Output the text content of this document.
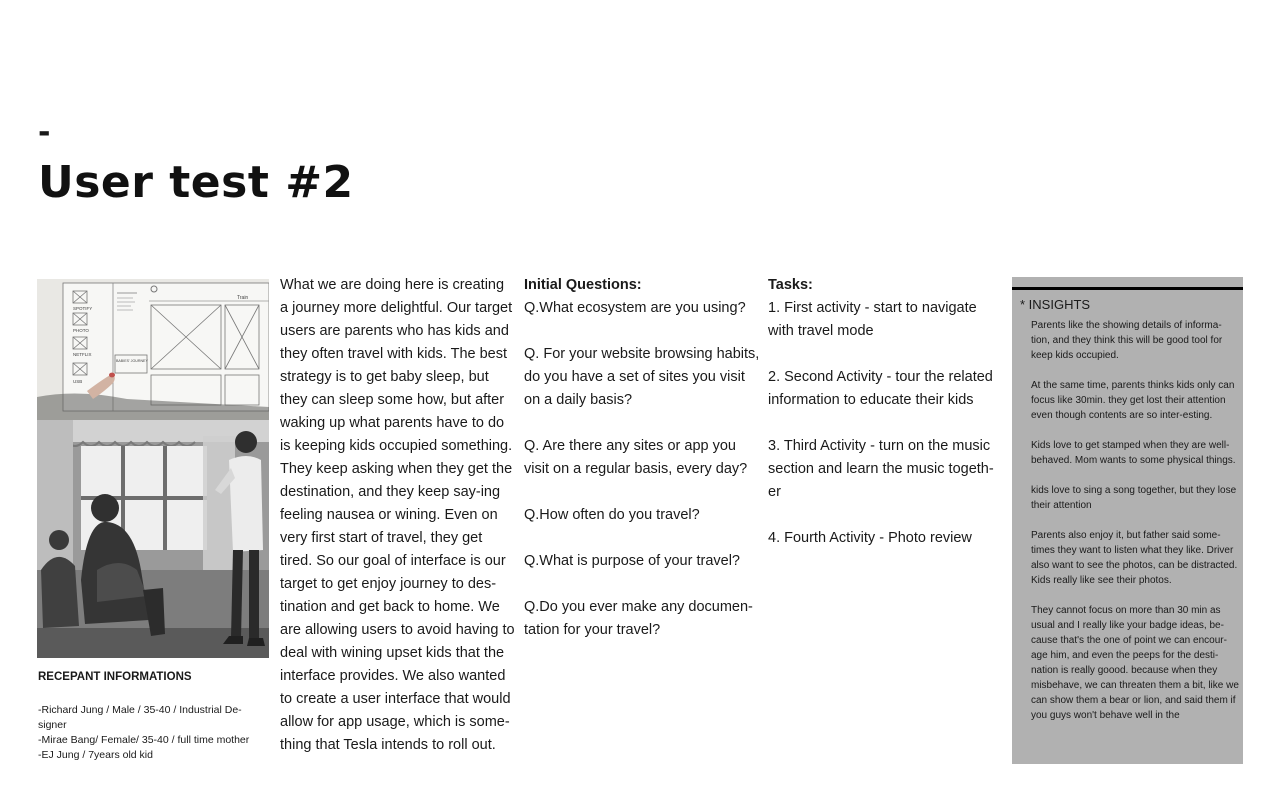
-
User test #2
SPOTIFY
PHOTO
NETFLIX
USB
Train
BABIES' JOURNEY
RECEPANT INFORMATIONS
-Richard Jung / Male / 35-40 / Industrial De-signer
-Mirae Bang/ Female/ 35-40 / full time mother
-EJ Jung / 7years old kid

What we are doing here is creating a journey more delightful. Our target users are parents who has kids and they often travel with kids. The best strategy is to get baby sleep, but they can sleep some how, but after waking up what parents have to do is keeping kids occupied something. They keep asking when they get the destination, and they keep say-ing feeling nausea or wining. Even on very first start of travel, they get tired. So our goal of interface is our target to get enjoy journey to des-tination and get back to home. We are allowing users to avoid having to deal with wining upset kids that the interface provides. We also wanted to create a user interface that would allow for app usage, which is some-thing that Tesla intends to roll out.

Initial Questions:

Q.What ecosystem are you using?

Q. For your website browsing habits, do you have a set of sites you visit on a daily basis?

Q. Are there any sites or app you visit on a regular basis, every day?

Q.How often do you travel?

Q.What is purpose of your travel?

Q.Do you ever make any documen-tation for your travel?

Tasks:

1. First activity - start to navigate with travel mode

2. Second Activity - tour the related information to educate their kids

3. Third Activity - turn on the music section and learn the music togeth-er

4. Fourth Activity - Photo review

* INSIGHTS

Parents like the showing details of informa-tion, and they think this will be good tool for keep kids occupied.

At the same time, parents thinks kids only can focus like 30min. they get lost their attention even though contents are so inter-esting.

Kids love to get stamped when they are well-behaved. Mom wants to some physical things.

kids love to sing a song together, but they lose their attention

Parents also enjoy it, but father said some-times they want to listen what they like. Driver also want to see the photos, can be distracted. Kids really like see their photos.

They cannot focus on more than 30 min as usual and I really like your badge ideas, be-cause that's the one of point we can encour-age him, and even the peeps for the desti-nation is really goood. because when they misbehave, we can threaten them a bit, like we can show them a bear or lion, and said them if you guys won't behave well in the
